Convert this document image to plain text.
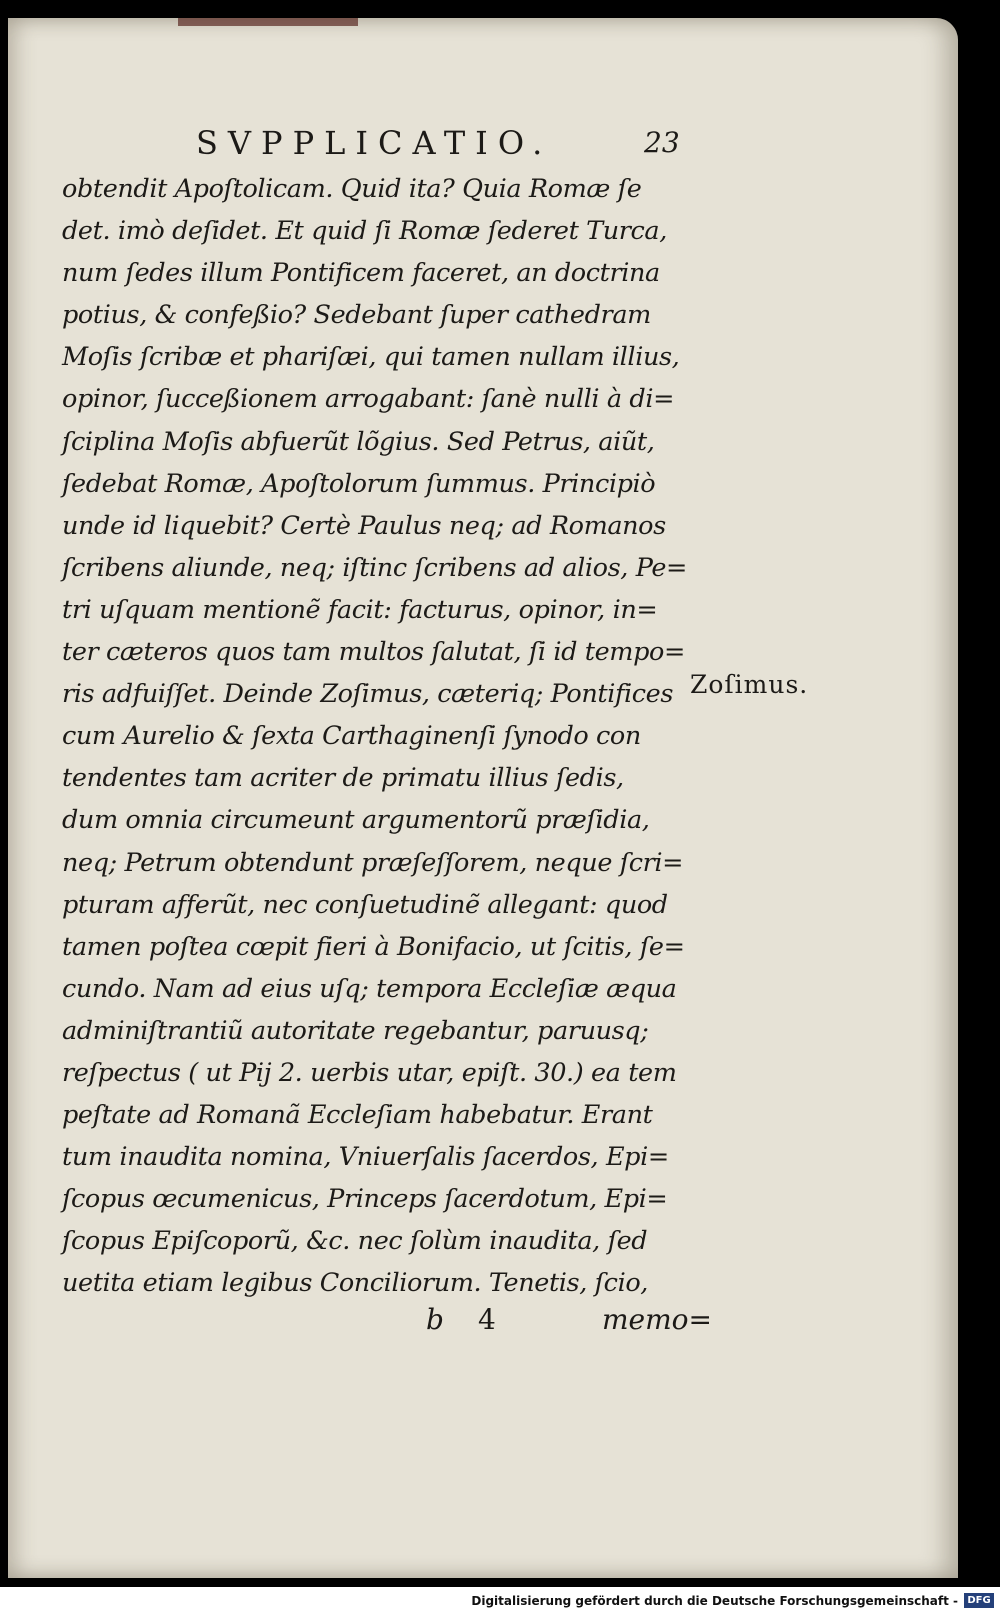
SVPPLICATIO.	23
obtendit Apoſtolicam. Quid ita? Quia Romæ ſe
det. imò deſidet. Et quid ſi Romæ ſederet Turca,
num ſedes illum Pontificem faceret, an doctrina
potius, & confeßio? Sedebant ſuper cathedram
Moſis ſcribæ et phariſæi, qui tamen nullam illius,
opinor, ſucceßionem arrogabant: ſanè nulli à di=
ſciplina Moſis abfuerũt lõgius. Sed Petrus, aiũt,
ſedebat Romæ, Apoſtolorum ſummus. Principiò
unde id liquebit? Certè Paulus neq; ad Romanos
ſcribens aliunde, neq; iſtinc ſcribens ad alios, Pe=
tri uſquam mentionẽ facit: facturus, opinor, in=
ter cæteros quos tam multos ſalutat, ſi id tempo=
ris adfuiſſet. Deinde Zoſimus, cæteriq; Pontifices
cum Aurelio & ſexta Carthaginenſi ſynodo con
tendentes tam acriter de primatu illius ſedis,
dum omnia circumeunt argumentorũ præſidia,
neq; Petrum obtendunt præſeſſorem, neque ſcri=
pturam afferũt, nec conſuetudinẽ allegant: quod
tamen poſtea cœpit fieri à Bonifacio, ut ſcitis, ſe=
cundo. Nam ad eius uſq; tempora Eccleſiæ æqua
adminiſtrantiũ autoritate regebantur, paruusq;
reſpectus ( ut Pij 2. uerbis utar, epiſt. 30.) ea tem
peſtate ad Romanã Eccleſiam habebatur. Erant
tum inaudita nomina, Vniuerſalis ſacerdos, Epi=
ſcopus œcumenicus, Princeps ſacerdotum, Epi=
ſcopus Epiſcoporũ, &c. nec ſolùm inaudita, ſed
uetita etiam legibus Conciliorum. Tenetis, ſcio,
Zoſimus.
b 4	memo=
Digitalisierung gefördert durch die Deutsche Forschungsgemeinschaft - DFG
